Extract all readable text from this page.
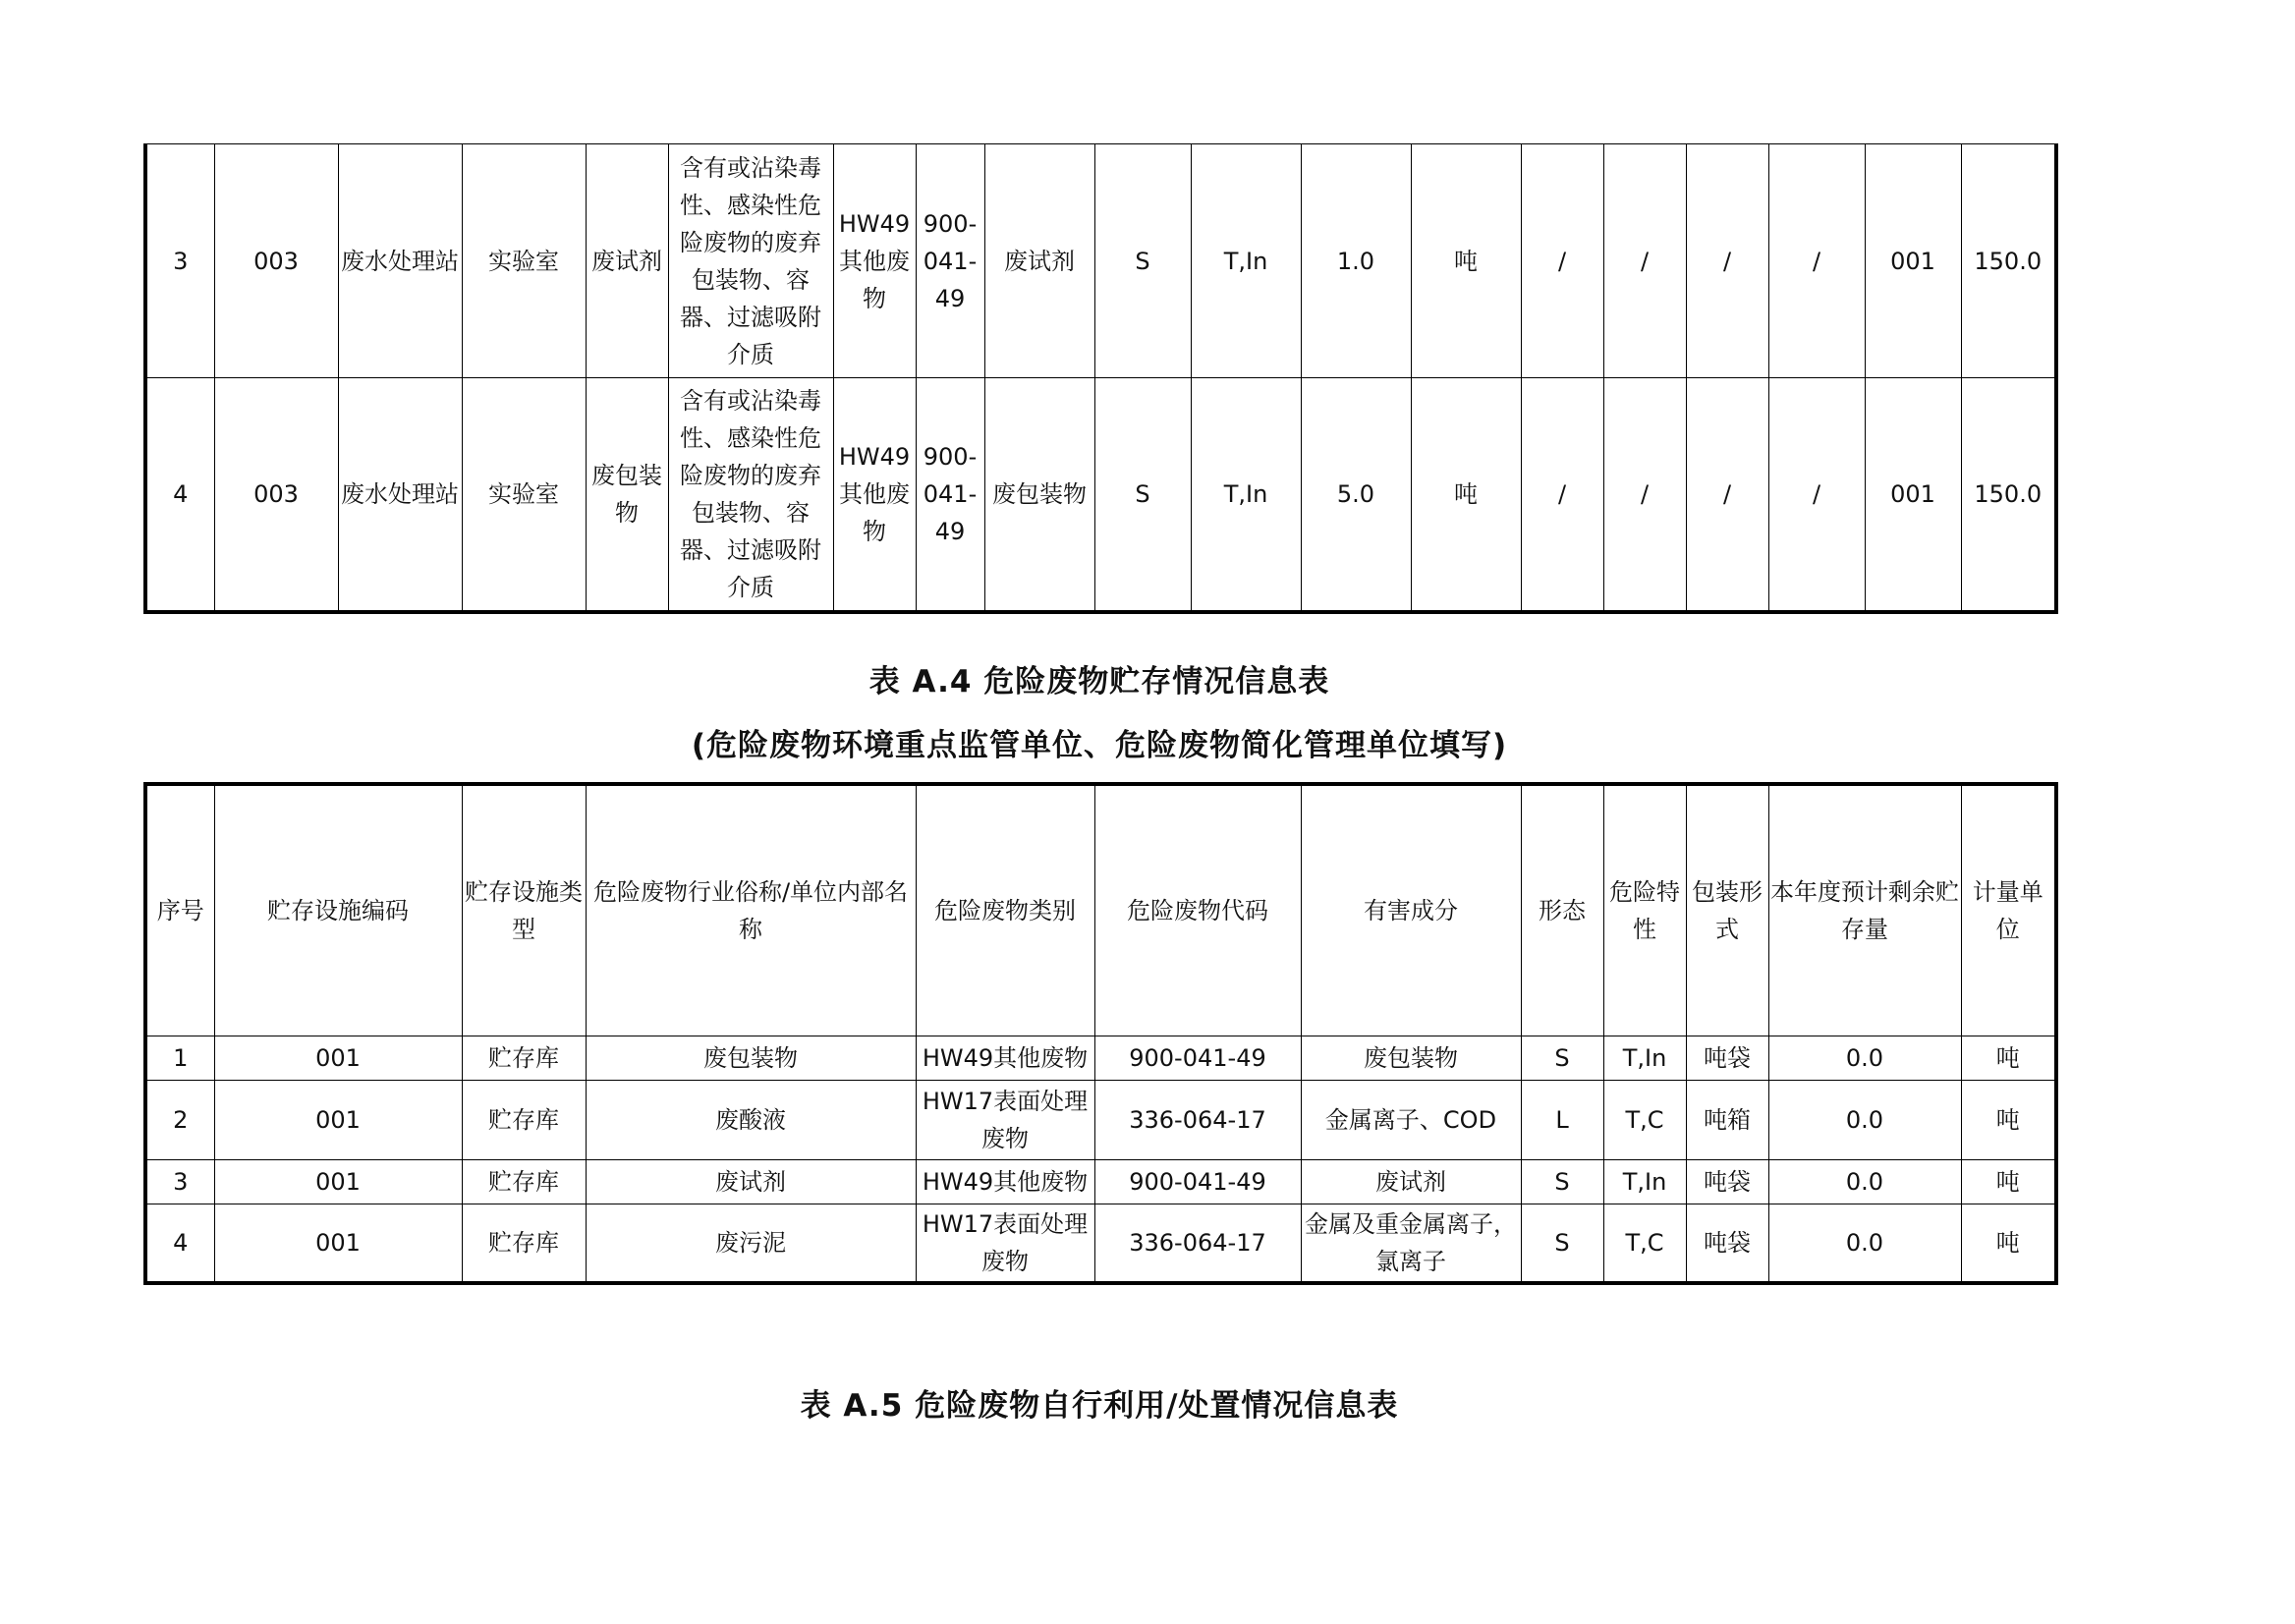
3	003	废水处理站	实验室	废试剂	含有或沾染毒性、感染性危险废物的废弃包装物、容器、过滤吸附介质	HW49其他废物	900-041-49	废试剂	S	T,In	1.0	吨	/	/	/	/	001	150.0
4	003	废水处理站	实验室	废包装物	含有或沾染毒性、感染性危险废物的废弃包装物、容器、过滤吸附介质	HW49其他废物	900-041-49	废包装物	S	T,In	5.0	吨	/	/	/	/	001	150.0
表 A.4 危险废物贮存情况信息表
(危险废物环境重点监管单位、危险废物简化管理单位填写)
序号	贮存设施编码	贮存设施类型	危险废物行业俗称/单位内部名称	危险废物类别	危险废物代码	有害成分	形态	危险特性	包装形式	本年度预计剩余贮存量	计量单位
1	001	贮存库	废包装物	HW49其他废物	900-041-49	废包装物	S	T,In	吨袋	0.0	吨
2	001	贮存库	废酸液	HW17表面处理废物	336-064-17	金属离子、COD	L	T,C	吨箱	0.0	吨
3	001	贮存库	废试剂	HW49其他废物	900-041-49	废试剂	S	T,In	吨袋	0.0	吨
4	001	贮存库	废污泥	HW17表面处理废物	336-064-17	金属及重金属离子，氯离子	S	T,C	吨袋	0.0	吨
表 A.5 危险废物自行利用/处置情况信息表
